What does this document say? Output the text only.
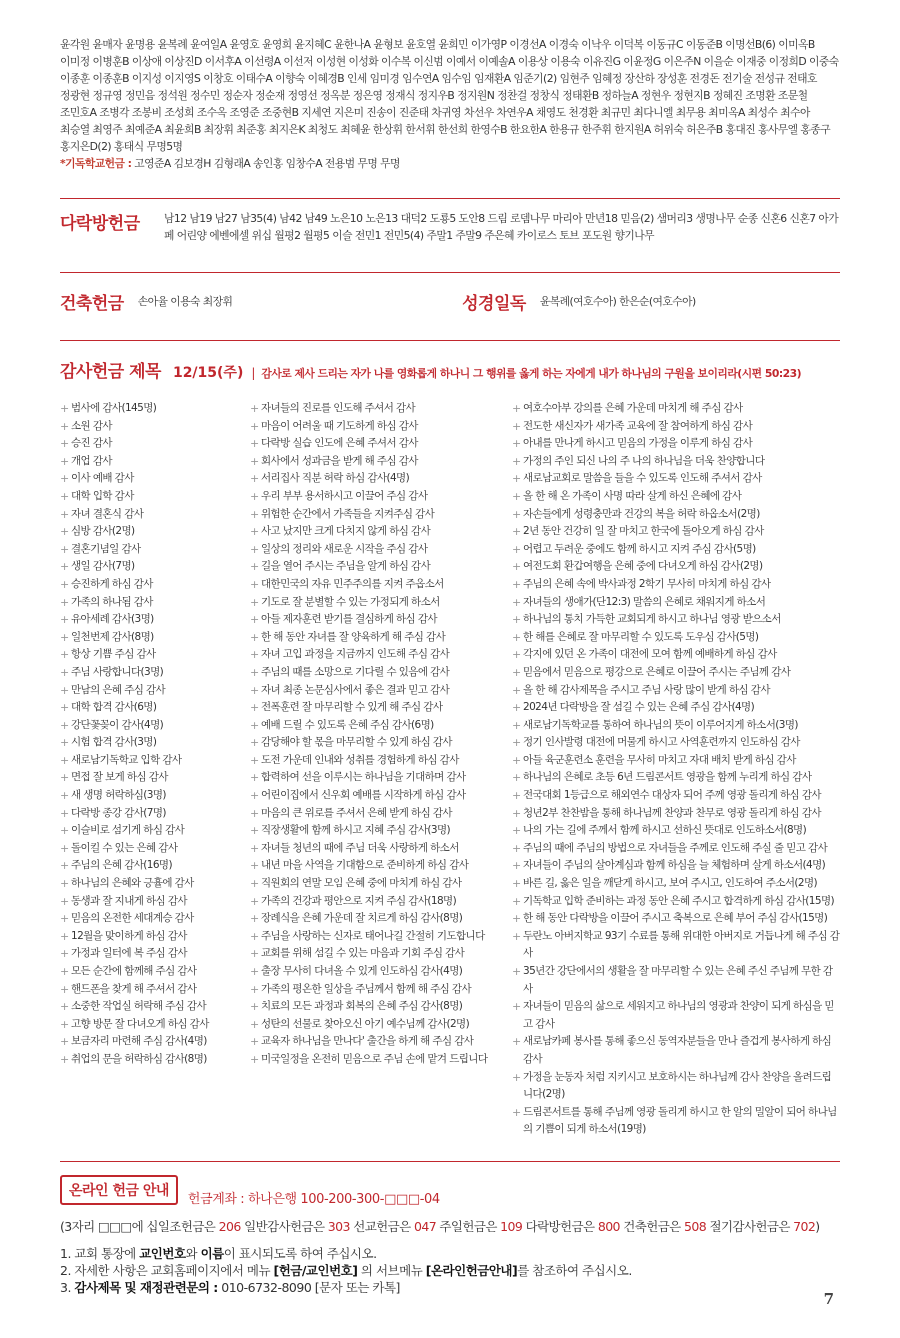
윤각원 윤매자 윤명용 윤복례 윤여일A 윤영호 윤영희 윤지혜C 윤한나A 윤형보 윤호열 윤희민 이가영P 이경선A 이경숙 이낙우 이덕복 이동규C 이동준B 이명선B(6) 이미옥B 이미정 이병훈B 이상애 이상진D 이서후A 이선령A 이선저 이성현 이성화 이수복 이신범 이예서 이예솔A 이용상 이용숙 이유진G 이윤정G 이은주N 이을순 이재중 이정희D 이중숙 이종훈 이종훈B 이지성 이지영S 이창호 이태수A 이향숙 이혜경B 인세 임미경 임수연A 임수임 임재환A 임준기(2) 임현주 임혜정 장산하 장성훈 전경돈 전기술 전성규 전태호 정광현 정규영 정민음 정석원 정수민 정순자 정순재 정영선 정옥분 정은영 정재식 정지우B 정지원N 정찬걸 정창식 정태환B 정하늘A 정현우 정현지B 정혜진 조명환 조문철 조민호A 조병각 조봉비 조성희 조수옥 조영준 조중현B 지세연 지은미 진송이 진준태 차귀영 차선우 차연우A 채영도 천경환 최규민 최다니엘 최무용 최미옥A 최성수 최수아 최승열 최영주 최예준A 최윤희B 최장휘 최준홍 최지은K 최청도 최혜윤 한상휘 한서휘 한선희 한영수B 한요한A 한용규 한주휘 한지원A 허위숙 허은주B 홍대진 홍사무엘 홍종구 홍지은D(2) 홍태식 무명5명
*기독학교헌금 : 고영준A 김보경H 김형래A 송인홍 임창수A 전용범 무명 무명
다락방헌금	남12 남19 남27 남35(4) 남42 남49 노은10 노은13 대덕2 도룡5 도안8 드림 로뎀나무 마리아 만년18 믿음(2) 샘머리3 생명나무 순종 신혼6 신혼7 아가페 어린양 에벤에셀 위십 월평2 월평5 이슬 전민1 전민5(4) 주말1 주말9 주은혜 카이로스 토브 포도원 향기나무
건축헌금 손아율 이용숙 최장휘	성경일독 윤복례(여호수아) 한은순(여호수아)
감사헌금 제목 12/15(주) | 감사로 제사 드리는 자가 나를 영화롭게 하나니 그 행위를 옳게 하는 자에게 내가 하나님의 구원을 보이리라(시편 50:23)
+ 범사에 감사(145명)
+ 소원 감사
+ 승진 감사
+ 개업 감사
+ 이사 예배 감사
+ 대학 입학 감사
+ 자녀 결혼식 감사
+ 심방 감사(2명)
+ 결혼기념일 감사
+ 생일 감사(7명)
+ 승진하게 하심 감사
+ 가족의 하나됨 감사
+ 유아세례 감사(3명)
+ 일천번제 감사(8명)
+ 항상 기쁨 주심 감사
+ 주님 사랑합니다(3명)
+ 만남의 은혜 주심 감사
+ 대학 합격 감사(6명)
+ 강단꽃꽂이 감사(4명)
+ 시험 합격 감사(3명)
+ 새로남기독학교 입학 감사
+ 면접 잘 보게 하심 감사
+ 새 생명 허락하심(3명)
+ 다락방 종강 감사(7명)
+ 이슬비로 섬기게 하심 감사
+ 돌이킬 수 있는 은혜 감사
+ 주님의 은혜 감사(16명)
+ 하나님의 은혜와 긍휼에 감사
+ 동생과 잘 지내게 하심 감사
+ 믿음의 온전한 세대계승 감사
+ 12월을 맞이하게 하심 감사
+ 가정과 일터에 복 주심 감사
+ 모든 순간에 함께해 주심 감사
+ 핸드폰을 찾게 해 주셔서 감사
+ 소중한 작업실 허락해 주심 감사
+ 고향 방문 잘 다녀오게 하심 감사
+ 보금자리 마련해 주심 감사(4명)
+ 취업의 문을 허락하심 감사(8명)
+ 자녀들의 진로를 인도해 주셔서 감사
+ 마음이 어려울 때 기도하게 하심 감사
+ 다락방 실습 인도에 은혜 주셔서 감사
+ 회사에서 성과금을 받게 해 주심 감사
+ 서리집사 직분 허락 하심 감사(4명)
+ 우리 부부 용서하시고 이끌어 주심 감사
+ 위험한 순간에서 가족들을 지켜주심 감사
+ 사고 났지만 크게 다치지 않게 하심 감사
+ 일상의 정리와 새로운 시작을 주심 감사
+ 길을 열어 주시는 주님을 알게 하심 감사
+ 대한민국의 자유 민주주의를 지켜 주옵소서
+ 기도로 잘 분별할 수 있는 가정되게 하소서
+ 아들 제자훈련 받기를 결심하게 하심 감사
+ 한 해 동안 자녀를 잘 양육하게 해 주심 감사
+ 자녀 고입 과정을 지금까지 인도해 주심 감사
+ 주님의 때를 소망으로 기다릴 수 있음에 감사
+ 자녀 최종 논문심사에서 좋은 결과 믿고 감사
+ 전폭훈련 잘 마무리할 수 있게 해 주심 감사
+ 예배 드릴 수 있도록 은혜 주심 감사(6명)
+ 감당해야 할 몫을 마무리할 수 있게 하심 감사
+ 도전 가운데 인내와 성취를 경험하게 하심 감사
+ 합력하여 선을 이루시는 하나님을 기대하며 감사
+ 어린이집에서 신우회 예배를 시작하게 하심 감사
+ 마음의 큰 위로를 주셔서 은혜 받게 하심 감사
+ 직장생활에 함께 하시고 지혜 주심 감사(3명)
+ 자녀들 청년의 때에 주님 더욱 사랑하게 하소서
+ 내년 마을 사역을 기대함으로 준비하게 하심 감사
+ 직원회의 연말 모임 은혜 중에 마치게 하심 감사
+ 가족의 건강과 평안으로 지켜 주심 감사(18명)
+ 장례식을 은혜 가운데 잘 치르게 하심 감사(8명)
+ 주님을 사랑하는 신자로 태어나길 간절히 기도합니다
+ 교회를 위해 섬길 수 있는 마음과 기회 주심 감사
+ 출장 무사히 다녀올 수 있게 인도하심 감사(4명)
+ 가족의 평온한 일상을 주님께서 함께 해 주심 감사
+ 치료의 모든 과정과 회복의 은혜 주심 감사(8명)
+ 성탄의 선물로 찾아오신 아기 예수님께 감사(2명)
+ 교육자 하나님을 만나다' 출간을 하게 해 주심 감사
+ 미국일정을 온전히 믿음으로 주님 손에 맡겨 드립니다
+ 여호수아부 강의를 은혜 가운데 마치게 해 주심 감사
+ 전도한 새신자가 새가족 교육에 잘 참여하게 하심 감사
+ 아내를 만나게 하시고 믿음의 가정을 이루게 하심 감사
+ 가정의 주인 되신 나의 주 나의 하나님을 더욱 찬양합니다
+ 새로남교회로 말씀을 들을 수 있도록 인도해 주셔서 감사
+ 올 한 해 온 가족이 사명 따라 살게 하신 은혜에 감사
+ 자손들에게 성령충만과 건강의 복을 허락 하옵소서(2명)
+ 2년 동안 건강히 일 잘 마치고 한국에 돌아오게 하심 감사
+ 어렵고 두려운 중에도 함께 하시고 지켜 주심 감사(5명)
+ 여전도회 환갑여행을 은혜 중에 다녀오게 하심 감사(2명)
+ 주님의 은혜 속에 박사과정 2학기 무사히 마치게 하심 감사
+ 자녀들의 생애가(단12:3) 말씀의 은혜로 채워지게 하소서
+ 하나님의 통치 가득한 교회되게 하시고 하나님 영광 받으소서
+ 한 해를 은혜로 잘 마무리할 수 있도록 도우심 감사(5명)
+ 각지에 있던 온 가족이 대전에 모여 함께 예배하게 하심 감사
+ 믿음에서 믿음으로 평강으로 은혜로 이끌어 주시는 주님께 감사
+ 올 한 해 감사제목을 주시고 주님 사랑 많이 받게 하심 감사
+ 2024년 다락방을 잘 섬길 수 있는 은혜 주심 감사(4명)
+ 새로남기독학교를 통하여 하나님의 뜻이 이루어지게 하소서(3명)
+ 정기 인사발령 대전에 머물게 하시고 사역훈련까지 인도하심 감사
+ 아들 육군훈련소 훈련을 무사히 마치고 자대 배치 받게 하심 감사
+ 하나님의 은혜로 초등 6년 드림콘서트 영광을 함께 누리게 하심 감사
+ 전국대회 1등급으로 해외연수 대상자 되어 주께 영광 돌리게 하심 감사
+ 청년2부 찬찬밤을 통해 하나님께 찬양과 찬무로 영광 돌리게 하심 감사
+ 나의 가는 길에 주께서 함께 하시고 선하신 뜻대로 인도하소서(8명)
+ 주님의 때에 주님의 방법으로 자녀들을 주께로 인도해 주실 줄 믿고 감사
+ 자녀들이 주님의 살아계심과 함께 하심을 늘 체험하며 살게 하소서(4명)
+ 바른 길, 옳은 일을 깨닫게 하시고, 보여 주시고, 인도하여 주소서(2명)
+ 기독학교 입학 준비하는 과정 동안 은혜 주시고 합격하게 하심 감사(15명)
+ 한 해 동안 다락방을 이끌어 주시고 축복으로 은혜 부어 주심 감사(15명)
+ 두란노 아버지학교 93기 수료를 통해 위대한 아버지로 거듭나게 해 주심 감사
+ 35년간 강단에서의 생활을 잘 마무리할 수 있는 은혜 주신 주님께 무한 감사
+ 자녀들이 믿음의 삶으로 세워지고 하나님의 영광과 찬양이 되게 하심을 믿고 감사
+ 새로남카페 봉사를 통해 좋으신 동역자분들을 만나 즐겁게 봉사하게 하심 감사
+ 가정을 눈동자 처럼 지키시고 보호하시는 하나님께 감사 찬양을 올려드립니다(2명)
+ 드림콘서트를 통해 주님께 영광 돌리게 하시고 한 알의 밀알이 되어 하나님의 기쁨이 되게 하소서(19명)
온라인 헌금 안내	헌금계좌 : 하나은행 100-200-300-□□□-04
(3자리 □□□에 십일조헌금은 206 일반감사헌금은 303 선교헌금은 047 주일헌금은 109 다락방헌금은 800 건축헌금은 508 절기감사헌금은 702)
1. 교회 통장에 교인번호와 이름이 표시되도록 하여 주십시오.
2. 자세한 사항은 교회홈페이지에서 메뉴 [헌금/교인번호] 의 서브메뉴 [온라인헌금안내]를 참조하여 주십시오.
3. 감사제목 및 재정관련문의 : 010-6732-8090 [문자 또는 카톡]
7
